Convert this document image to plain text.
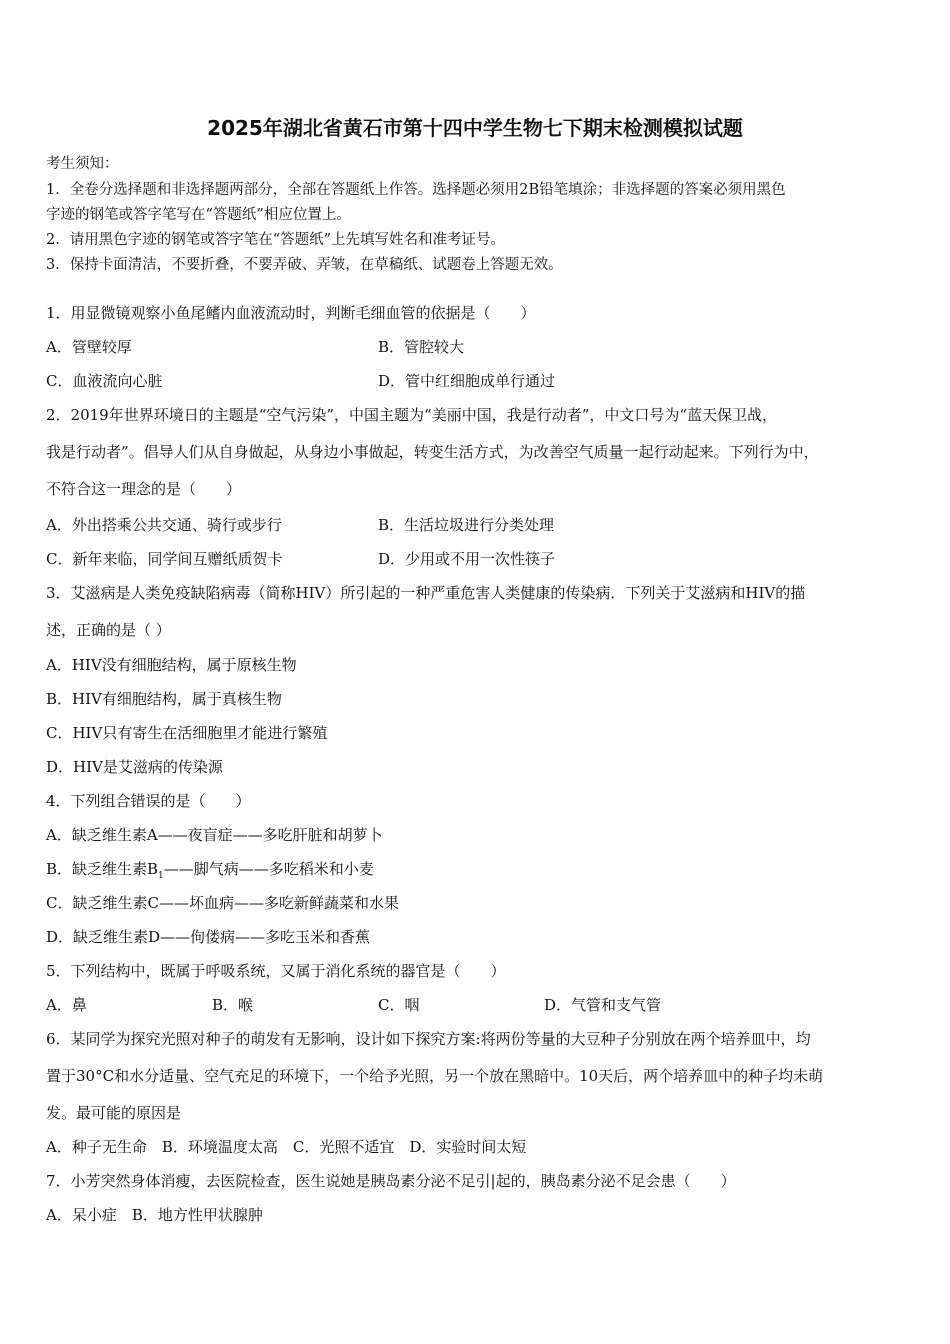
2025年湖北省黄石市第十四中学生物七下期末检测模拟试题
考生须知：
1．全卷分选择题和非选择题两部分，全部在答题纸上作答。选择题必须用2B铅笔填涂；非选择题的答案必须用黑色
字迹的钢笔或答字笔写在“答题纸”相应位置上。
2．请用黑色字迹的钢笔或答字笔在“答题纸”上先填写姓名和准考证号。
3．保持卡面清洁，不要折叠，不要弄破、弄皱，在草稿纸、试题卷上答题无效。
1．用显微镜观察小鱼尾鳍内血液流动时，判断毛细血管的依据是（　　）
A．管壁较厚	B．管腔较大
C．血液流向心脏	D．管中红细胞成单行通过
2．2019年世界环境日的主题是“空气污染”，中国主题为“美丽中国，我是行动者”，中文口号为“蓝天保卫战，
我是行动者”。倡导人们从自身做起，从身边小事做起，转变生活方式，为改善空气质量一起行动起来。下列行为中，
不符合这一理念的是（　　）
A．外出搭乘公共交通、骑行或步行	B．生活垃圾进行分类处理
C．新年来临，同学间互赠纸质贺卡	D．少用或不用一次性筷子
3．艾滋病是人类免疫缺陷病毒（简称HIV）所引起的一种严重危害人类健康的传染病．下列关于艾滋病和HIV的描
述，正确的是（ ）
A．HIV没有细胞结构，属于原核生物
B．HIV有细胞结构，属于真核生物
C．HIV只有寄生在活细胞里才能进行繁殖
D．HIV是艾滋病的传染源
4．下列组合错误的是（　　）
A．缺乏维生素A——夜盲症——多吃肝脏和胡萝卜
B．缺乏维生素$B_1——$脚气病——多吃稻米和小麦
C．缺乏维生素C——坏血病——多吃新鲜蔬菜和水果
D．缺乏维生素D——佝偻病——多吃玉米和香蕉
5．下列结构中，既属于呼吸系统，又属于消化系统的器官是（　　）
A．鼻	B．喉	C．咽	D．气管和支气管
6．某同学为探究光照对种子的萌发有无影响，设计如下探究方案:将两份等量的大豆种子分别放在两个培养皿中，均
置于30°C和水分适量、空气充足的环境下，一个给予光照，另一个放在黑暗中。10天后，两个培养皿中的种子均未萌
发。最可能的原因是
A．种子无生命　B．环境温度太高　C．光照不适宜　D．实验时间太短
7．小芳突然身体消瘦，去医院检查，医生说她是胰岛素分泌不足引|起的，胰岛素分泌不足会患（　　）
A．呆小症　B．地方性甲状腺肿
